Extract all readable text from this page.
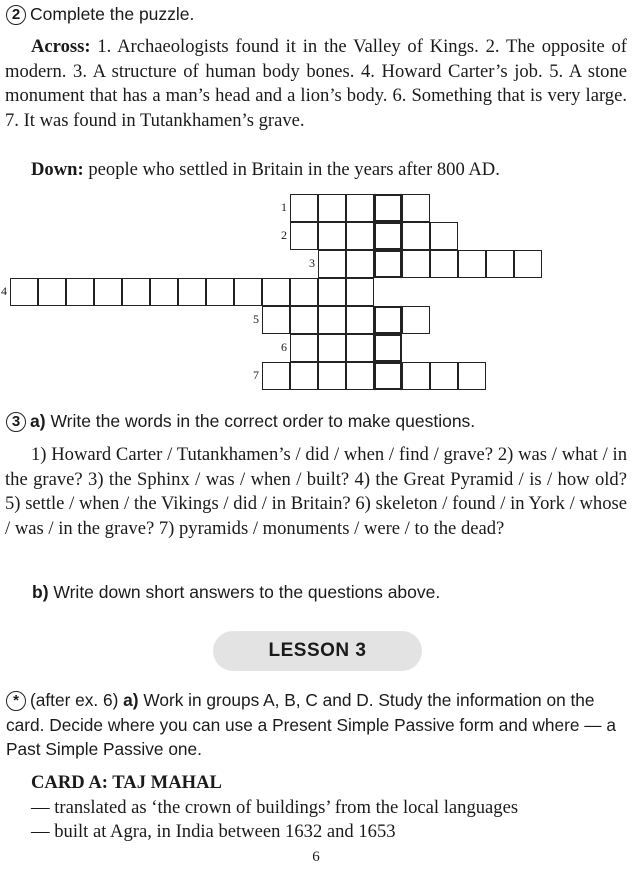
2 Complete the puzzle.

Across: 1. Archaeologists found it in the Valley of Kings. 2. The opposite of modern. 3. A structure of human body bones. 4. Howard Carter’s job. 5. A stone monument that has a man’s head and a lion’s body. 6. Something that is very large. 7. It was found in Tutankhamen’s grave.

Down: people who settled in Britain in the years after 800 AD.

1
2
3
4
5
6
7
3 a) Write the words in the correct order to make questions.

1) Howard Carter / Tutankhamen’s / did / when / find / grave? 2) was / what / in the grave? 3) the Sphinx / was / when / built? 4) the Great Pyramid / is / how old? 5) settle / when / the Vikings / did / in Britain? 6) skeleton / found / in York / whose / was / in the grave? 7) pyramids / monuments / were / to the dead?

b) Write down short answers to the questions above.
LESSON 3

* (after ex. 6) a) Work in groups A, B, C and D. Study the information on the card. Decide where you can use a Present Simple Passive form and where — a Past Simple Passive one.

CARD A: TAJ MAHAL
— translated as ‘the crown of buildings’ from the local languages
— built at Agra, in India between 1632 and 1653
6
